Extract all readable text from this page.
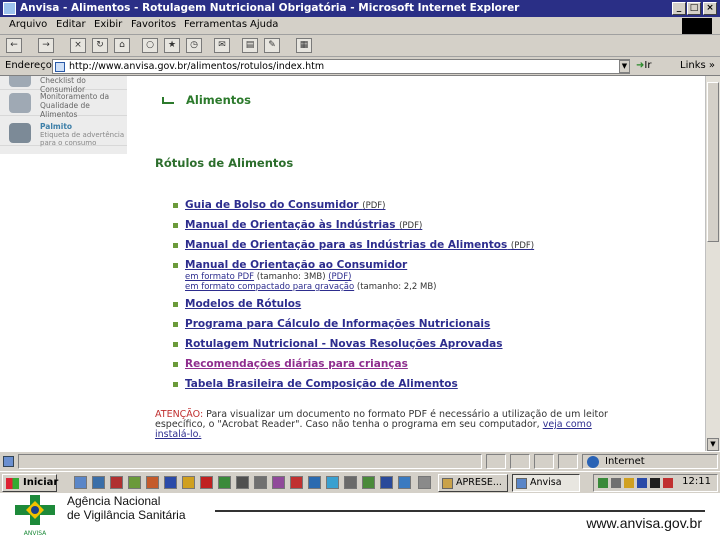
Anvisa - Alimentos - Rotulagem Nutricional Obrigatória - Microsoft Internet Explorer	_ □ ×
Arquivo Editar Exibir Favoritos Ferramentas Ajuda
←	→	×	↻	⌂	○	★	◷	✉	▤	✎	▦
Endereço	http://www.anvisa.gov.br/alimentos/rotulos/index.htm	▼ ➜Ir	Links »
Checklist do Consumidor
Monitoramento da Qualidade de Alimentos
Palmito
Etiqueta de advertência para o consumo
Alimentos
Rótulos de Alimentos
Guia de Bolso do Consumidor (PDF)
Manual de Orientação às Indústrias (PDF)
Manual de Orientação para as Indústrias de Alimentos (PDF)
Manual de Orientação ao Consumidor
Modelos de Rótulos
Programa para Cálculo de Informações Nutricionais
Rotulagem Nutricional - Novas Resoluções Aprovadas
Recomendações diárias para crianças
Tabela Brasileira de Composição de Alimentos
em formato PDF (tamanho: 3MB) (PDF)
em formato compactado para gravação (tamanho: 2,2 MB)
ATENÇÃO: Para visualizar um documento no formato PDF é necessário a utilização de um leitor específico, o "Acrobat Reader". Caso não tenha o programa em seu computador, veja como instalá-lo.
▼
Internet
Iniciar	APRESE...	Anvisa	12:11
ANVISA
Agência Nacional
de Vigilância Sanitária	www.anvisa.gov.br
